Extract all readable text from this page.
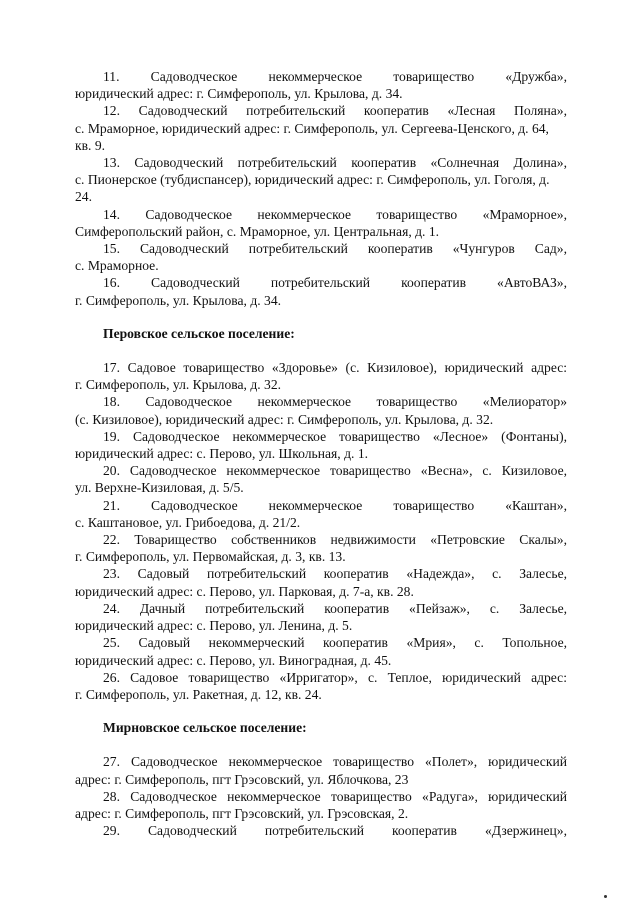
11. Садоводческое некоммерческое товарищество «Дружба»,
юридический адрес: г. Симферополь, ул. Крылова, д. 34.
12. Садоводческий потребительский кооператив «Лесная Поляна»,
с. Мраморное, юридический адрес: г. Симферополь, ул. Сергеева-Ценского, д. 64, кв. 9.
13. Садоводческий потребительский кооператив «Солнечная Долина»,
с. Пионерское (тубдиспансер), юридический адрес: г. Симферополь, ул. Гоголя, д. 24.
14. Садоводческое некоммерческое товарищество «Мраморное»,
Симферопольский район, с. Мраморное, ул. Центральная, д. 1.
15. Садоводческий потребительский кооператив «Чунгуров Сад»,
с. Мраморное.
16. Садоводческий потребительский кооператив «АвтоВАЗ»,
г. Симферополь, ул. Крылова, д. 34.
Перовское сельское поселение:
17. Садовое товарищество «Здоровье» (с. Кизиловое), юридический адрес:
г. Симферополь, ул. Крылова, д. 32.
18. Садоводческое некоммерческое товарищество «Мелиоратор»
(с. Кизиловое), юридический адрес: г. Симферополь, ул. Крылова, д. 32.
19. Садоводческое некоммерческое товарищество «Лесное» (Фонтаны),
юридический адрес: с. Перово, ул. Школьная, д. 1.
20. Садоводческое некоммерческое товарищество «Весна», с. Кизиловое,
ул. Верхне-Кизиловая, д. 5/5.
21. Садоводческое некоммерческое товарищество «Каштан»,
с. Каштановое, ул. Грибоедова, д. 21/2.
22. Товарищество собственников недвижимости «Петровские Скалы»,
г. Симферополь, ул. Первомайская, д. 3, кв. 13.
23. Садовый потребительский кооператив «Надежда», с. Залесье,
юридический адрес: с. Перово, ул. Парковая, д. 7-а, кв. 28.
24. Дачный потребительский кооператив «Пейзаж», с. Залесье,
юридический адрес: с. Перово, ул. Ленина, д. 5.
25. Садовый некоммерческий кооператив «Мрия», с. Топольное,
юридический адрес: с. Перово, ул. Виноградная, д. 45.
26. Садовое товарищество «Ирригатор», с. Теплое, юридический адрес:
г. Симферополь, ул. Ракетная, д. 12, кв. 24.
Мирновское сельское поселение:
27. Садоводческое некоммерческое товарищество «Полет», юридический
адрес: г. Симферополь, пгт Грэсовский, ул. Яблочкова, 23
28. Садоводческое некоммерческое товарищество «Радуга», юридический
адрес: г. Симферополь, пгт Грэсовский, ул. Грэсовская, 2.
29. Садоводческий потребительский кооператив «Дзержинец»,
